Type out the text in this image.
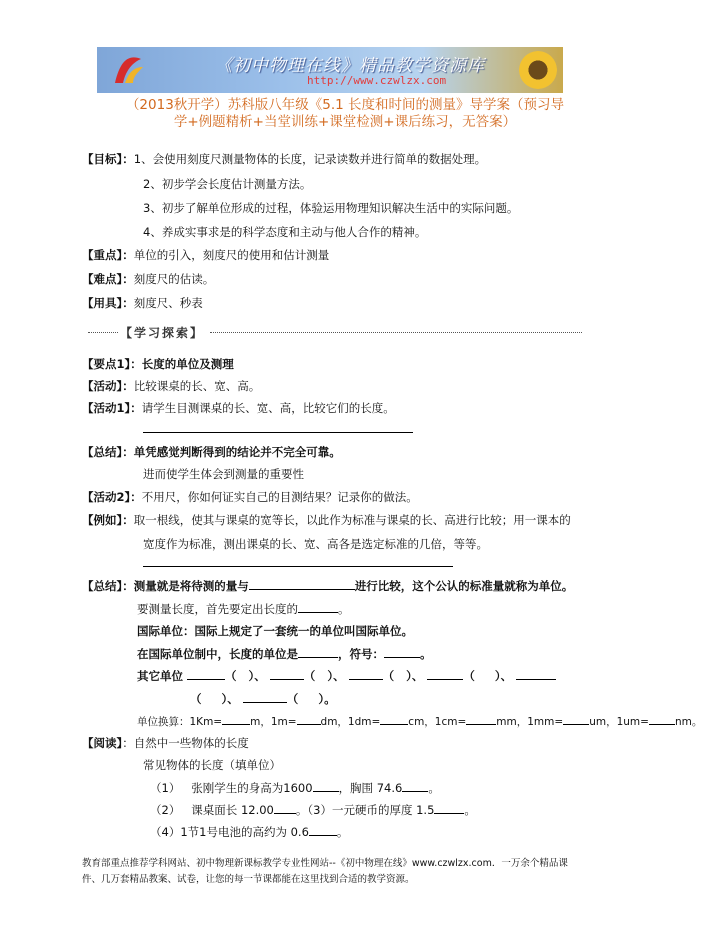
《初中物理在线》精品教学资源库
http://www.czwlzx.com
（2013秋开学）苏科版八年级《5.1 长度和时间的测量》导学案（预习导
学+例题精析+当堂训练+课堂检测+课后练习，无答案）
【目标】：1、会使用刻度尺测量物体的长度，记录读数并进行简单的数据处理。
2、初步学会长度估计测量方法。
3、初步了解单位形成的过程，体验运用物理知识解决生活中的实际问题。
4、养成实事求是的科学态度和主动与他人合作的精神。
【重点】：单位的引入，刻度尺的使用和估计测量
【难点】：刻度尺的估读。
【用具】：刻度尺、秒表
【学习探索】
【要点1】：长度的单位及测理
【活动】：比较课桌的长、宽、高。
【活动1】：请学生目测课桌的长、宽、高，比较它们的长度。
【总结】：单凭感觉判断得到的结论并不完全可靠。
进而使学生体会到测量的重要性
【活动2】：不用尺，你如何证实自己的目测结果？记录你的做法。
【例如】：取一根线，使其与课桌的宽等长，以此作为标准与课桌的长、高进行比较；用一课本的
宽度作为标准，测出课桌的长、宽、高各是选定标准的几倍，等等。
【总结】：测量就是将待测的量与	进行比较，这个公认的标准量就称为单位。
要测量长度，首先要定出长度的	。
国际单位：国际上规定了一套统一的单位叫国际单位。
在国际单位制中，长度的单位是	，符号：	。
其它单位	（ ）、	（ ）、	（ ）、	（ ）、
（ ）、	（ ）。
单位换算：1Km=	m，1m= dm，1dm=	cm，1cm=	mm，1mm= um，1um= nm。
【阅读】：自然中一些物体的长度
常见物体的长度（填单位）
（1） 张刚学生的身高为1600 ，胸围 74.6 。
（2） 课桌面长 12.00 。（3）一元硬币的厚度 1.5	。
（4）1节1号电池的高约为 0.6 。
教育部重点推荐学科网站、初中物理新课标教学专业性网站--《初中物理在线》www.czwlzx.com．一万余个精品课
件、几万套精品教案、试卷，让您的每一节课都能在这里找到合适的教学资源。
